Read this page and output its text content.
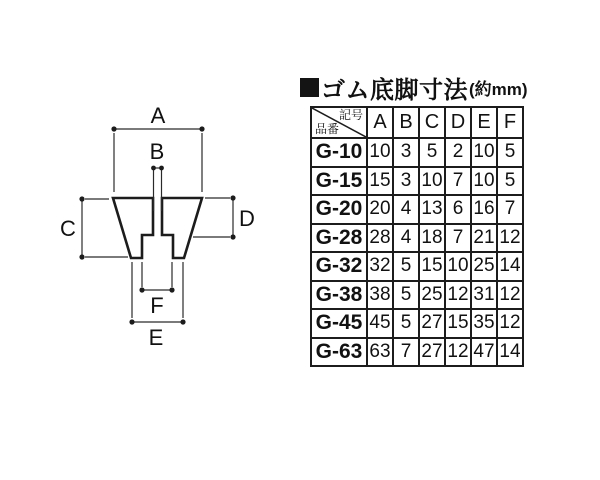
A
B
C	D
F
E
ゴム底脚寸法 (約mm)
記号
品番	A	B	C	D	E	F
G-10	10	3	5	2	10	5
G-15	15	3	10	7	10	5
G-20	20	4	13	6	16	7
G-28	28	4	18	7	21	12
G-32	32	5	15	10	25	14
G-38	38	5	25	12	31	12
G-45	45	5	27	15	35	12
G-63	63	7	27	12	47	14
